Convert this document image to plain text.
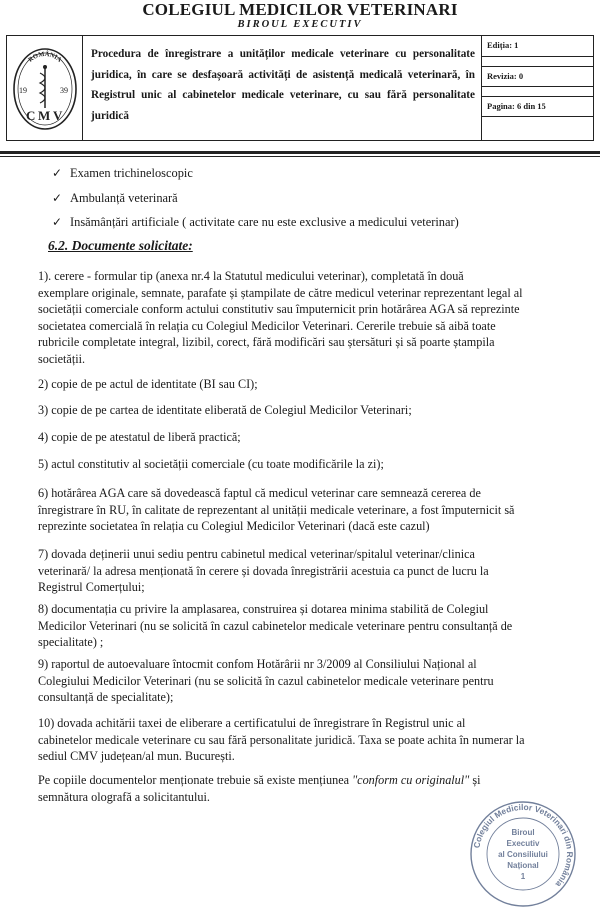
COLEGIUL MEDICILOR VETERINARI
BIROUL EXECUTIV
ROMÂNIA
19	39
C M V
Procedura de înregistrare a unităților medicale veterinare cu personalitate juridica, în care se desfașoară activități de asistență medicală veterinară, în Registrul unic al cabinetelor medicale veterinare, cu sau fără personalitate juridică
Ediția: 1
Revizia: 0
Pagina: 6 din 15
✓ Examen trichineloscopic
✓ Ambulanță veterinară
✓ Insămânțări artificiale ( activitate care nu este exclusive a medicului veterinar)
6.2. Documente solicitate:
1). cerere - formular tip (anexa nr.4 la Statutul medicului veterinar), completată în două
exemplare originale, semnate, parafate și ștampilate de către medicul veterinar reprezentant legal al
societății comerciale conform actului constitutiv sau împuternicit prin hotărârea AGA să reprezinte
societatea comercială în relația cu Colegiul Medicilor Veterinari. Cererile trebuie să aibă toate
rubricile completate integral, lizibil, corect, fără modificări sau ștersături și să poarte ștampila
societății.
2) copie de pe actul de identitate (BI sau CI);
3) copie de pe cartea de identitate eliberată de Colegiul Medicilor Veterinari;
4) copie de pe atestatul de liberă practică;
5) actul constitutiv al societății comerciale (cu toate modificările la zi);
6) hotărârea AGA care să dovedească faptul că medicul veterinar care semnează cererea de
înregistrare în RU, în calitate de reprezentant al unității medicale veterinare, a fost împuternicit să
reprezinte societatea în relația cu Colegiul Medicilor Veterinari (dacă este cazul)
7) dovada deținerii unui sediu pentru cabinetul medical veterinar/spitalul veterinar/clinica
veterinară/ la adresa menționată în cerere și dovada înregistrării acestuia ca punct de lucru la
Registrul Comerțului;
8) documentația cu privire la amplasarea, construirea și dotarea minima stabilită de Colegiul
Medicilor Veterinari (nu se solicită în cazul cabinetelor medicale veterinare pentru consultanță de
specialitate) ;
9) raportul de autoevaluare întocmit confom Hotărârii nr 3/2009 al Consiliului Național al
Colegiului Medicilor Veterinari (nu se solicită în cazul cabinetelor medicale veterinare pentru
consultanță de specialitate);
10) dovada achitării taxei de eliberare a certificatului de înregistrare în Registrul unic al
cabinetelor medicale veterinare cu sau fără personalitate juridică. Taxa se poate achita în numerar la
sediul CMV județean/al mun. București.
Pe copiile documentelor menționate trebuie să existe mențiunea "conform cu originalul" și
semnătura olografă a solicitantului.
Colegiul Medicilor Veterinari din România
Biroul
Executiv
al Consiliului
Național
1
